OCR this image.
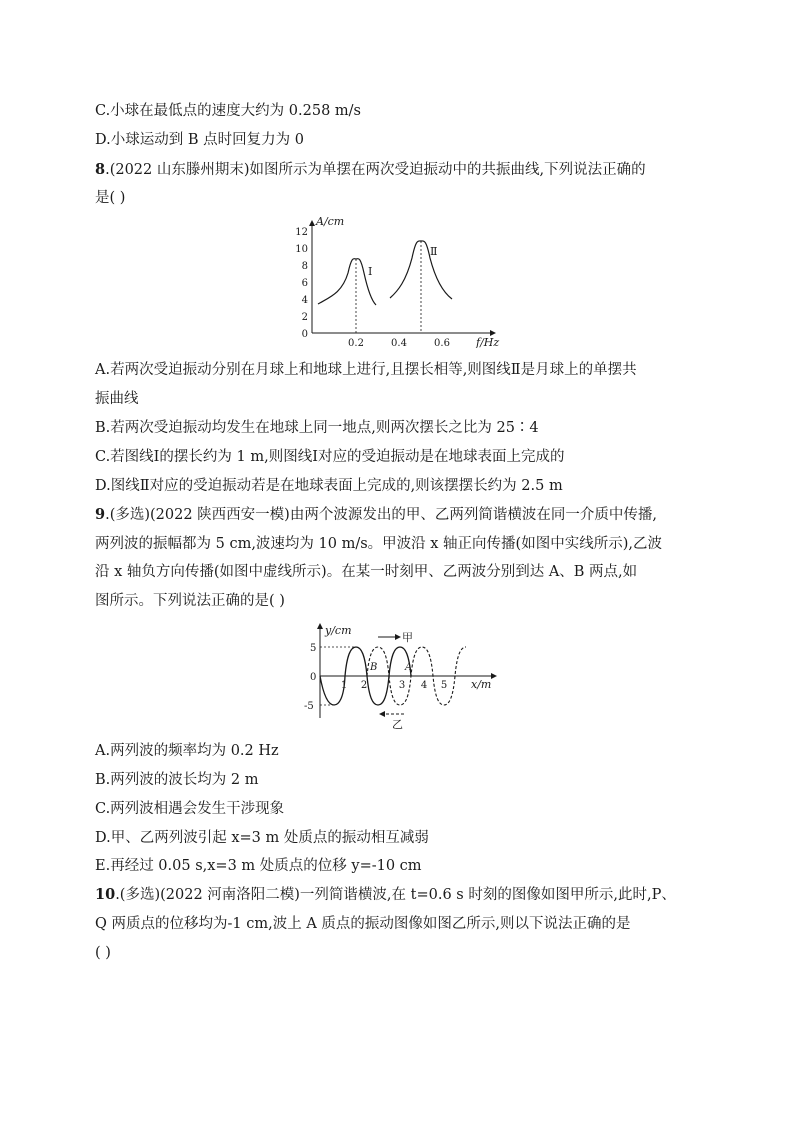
C.小球在最低点的速度大约为 0.258 m/s
D.小球运动到 B 点时回复力为 0
8.(2022 山东滕州期末)如图所示为单摆在两次受迫振动中的共振曲线,下列说法正确的
是( )
A/cm
f/Hz
0
2
4
6
8
10
12
0.2	0.4	0.6
Ⅰ
Ⅱ
A.若两次受迫振动分别在月球上和地球上进行,且摆长相等,则图线Ⅱ是月球上的单摆共
振曲线
B.若两次受迫振动均发生在地球上同一地点,则两次摆长之比为 25∶4
C.若图线Ⅰ的摆长约为 1 m,则图线Ⅰ对应的受迫振动是在地球表面上完成的
D.图线Ⅱ对应的受迫振动若是在地球表面上完成的,则该摆摆长约为 2.5 m
9.(多选)(2022 陕西西安一模)由两个波源发出的甲、乙两列简谐横波在同一介质中传播,
两列波的振幅都为 5 cm,波速均为 10 m/s。甲波沿 x 轴正向传播(如图中实线所示),乙波
沿 x 轴负方向传播(如图中虚线所示)。在某一时刻甲、乙两波分别到达 A、B 两点,如
图所示。下列说法正确的是( )
y/cm
x/m
5
0
-5
1 2	3 4 5
B	A
甲
乙
A.两列波的频率均为 0.2 Hz
B.两列波的波长均为 2 m
C.两列波相遇会发生干涉现象
D.甲、乙两列波引起 x=3 m 处质点的振动相互减弱
E.再经过 0.05 s,x=3 m 处质点的位移 y=-10 cm
10.(多选)(2022 河南洛阳二模)一列简谐横波,在 t=0.6 s 时刻的图像如图甲所示,此时,P、
Q 两质点的位移均为-1 cm,波上 A 质点的振动图像如图乙所示,则以下说法正确的是
( )
